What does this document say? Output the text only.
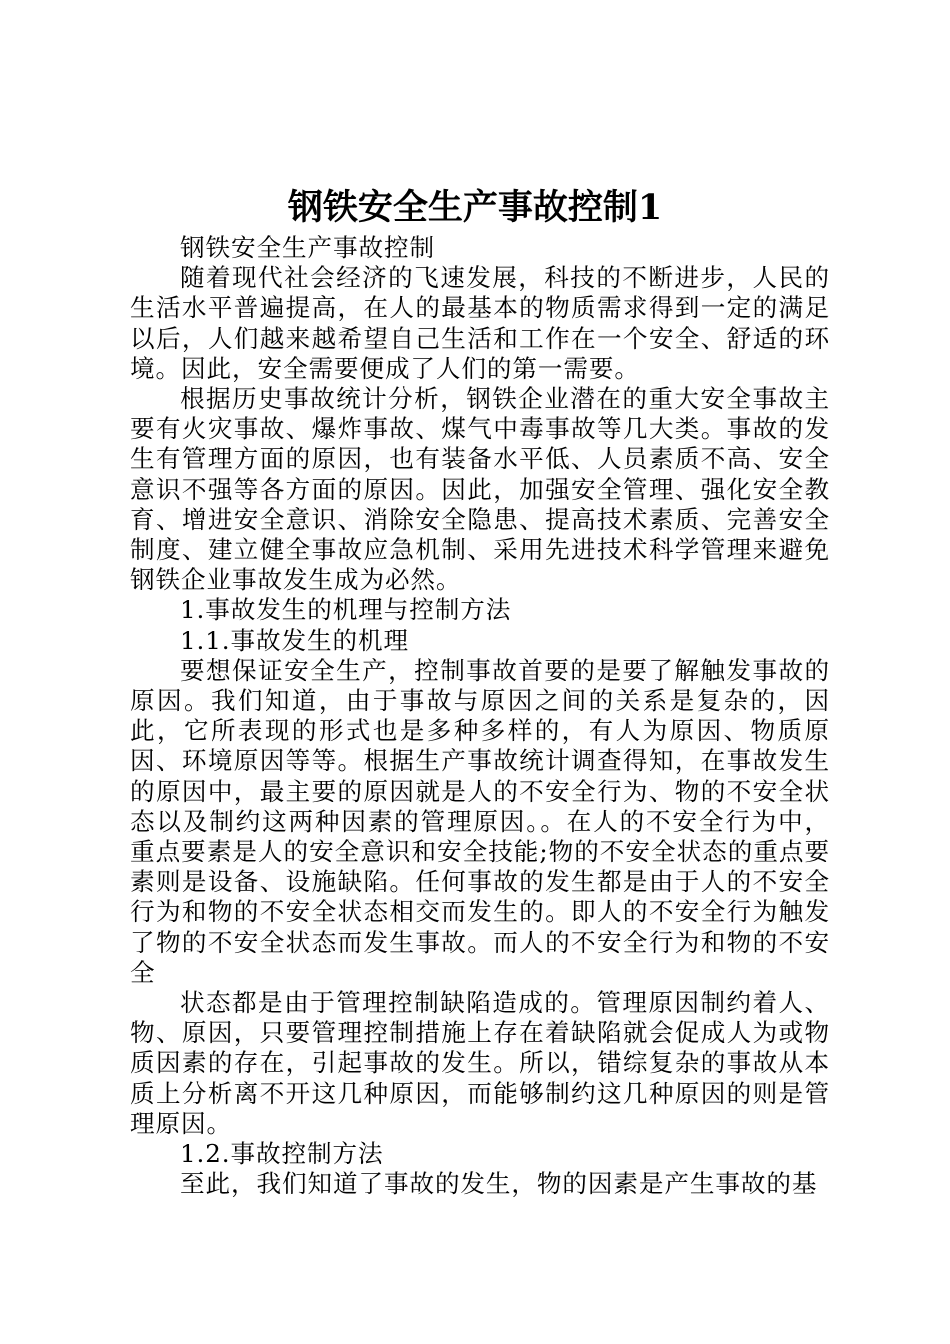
钢铁安全生产事故控制1

钢铁安全生产事故控制

随着现代社会经济的飞速发展，科技的不断进步，人民的生活水平普遍提高，在人的最基本的物质需求得到一定的满足以后，人们越来越希望自己生活和工作在一个安全、舒适的环境。因此，安全需要便成了人们的第一需要。

根据历史事故统计分析，钢铁企业潜在的重大安全事故主要有火灾事故、爆炸事故、煤气中毒事故等几大类。事故的发生有管理方面的原因，也有装备水平低、人员素质不高、安全意识不强等各方面的原因。因此，加强安全管理、强化安全教育、增进安全意识、消除安全隐患、提高技术素质、完善安全制度、建立健全事故应急机制、采用先进技术科学管理来避免钢铁企业事故发生成为必然。

1.事故发生的机理与控制方法

1.1.事故发生的机理

要想保证安全生产，控制事故首要的是要了解触发事故的原因。我们知道，由于事故与原因之间的关系是复杂的，因此，它所表现的形式也是多种多样的，有人为原因、物质原因、环境原因等等。根据生产事故统计调查得知，在事故发生的原因中，最主要的原因就是人的不安全行为、物的不安全状态以及制约这两种因素的管理原因。。在人的不安全行为中，重点要素是人的安全意识和安全技能;物的不安全状态的重点要素则是设备、设施缺陷。任何事故的发生都是由于人的不安全行为和物的不安全状态相交而发生的。即人的不安全行为触发了物的不安全状态而发生事故。而人的不安全行为和物的不安全

状态都是由于管理控制缺陷造成的。管理原因制约着人、物、原因，只要管理控制措施上存在着缺陷就会促成人为或物质因素的存在，引起事故的发生。所以，错综复杂的事故从本质上分析离不开这几种原因，而能够制约这几种原因的则是管理原因。

1.2.事故控制方法

至此，我们知道了事故的发生，物的因素是产生事故的基
